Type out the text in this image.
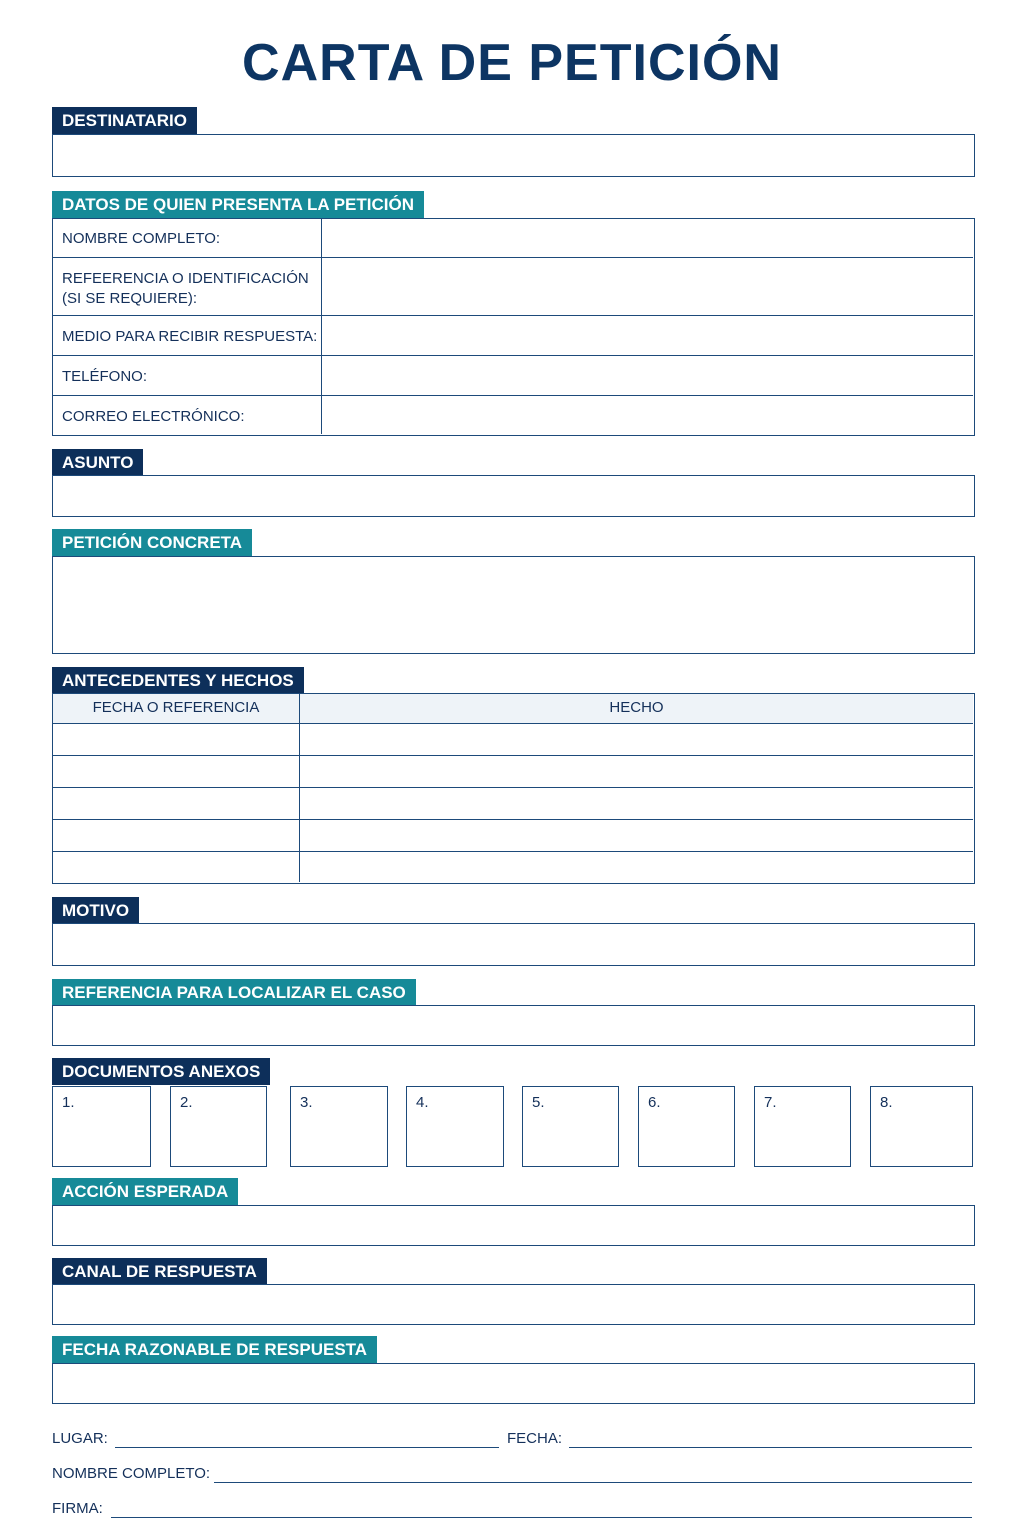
CARTA DE PETICIÓN
DESTINATARIO
DATOS DE QUIEN PRESENTA LA PETICIÓN
NOMBRE COMPLETO:
REFEERENCIA O IDENTIFICACIÓN
(SI SE REQUIERE):
MEDIO PARA RECIBIR RESPUESTA:
TELÉFONO:
CORREO ELECTRÓNICO:
ASUNTO
PETICIÓN CONCRETA
ANTECEDENTES Y HECHOS
FECHA O REFERENCIA	HECHO
MOTIVO
REFERENCIA PARA LOCALIZAR EL CASO
DOCUMENTOS ANEXOS
1.	2.	3.	4.	5.	6.	7.	8.
ACCIÓN ESPERADA
CANAL DE RESPUESTA
FECHA RAZONABLE DE RESPUESTA
LUGAR:	FECHA:
NOMBRE COMPLETO:
FIRMA:
